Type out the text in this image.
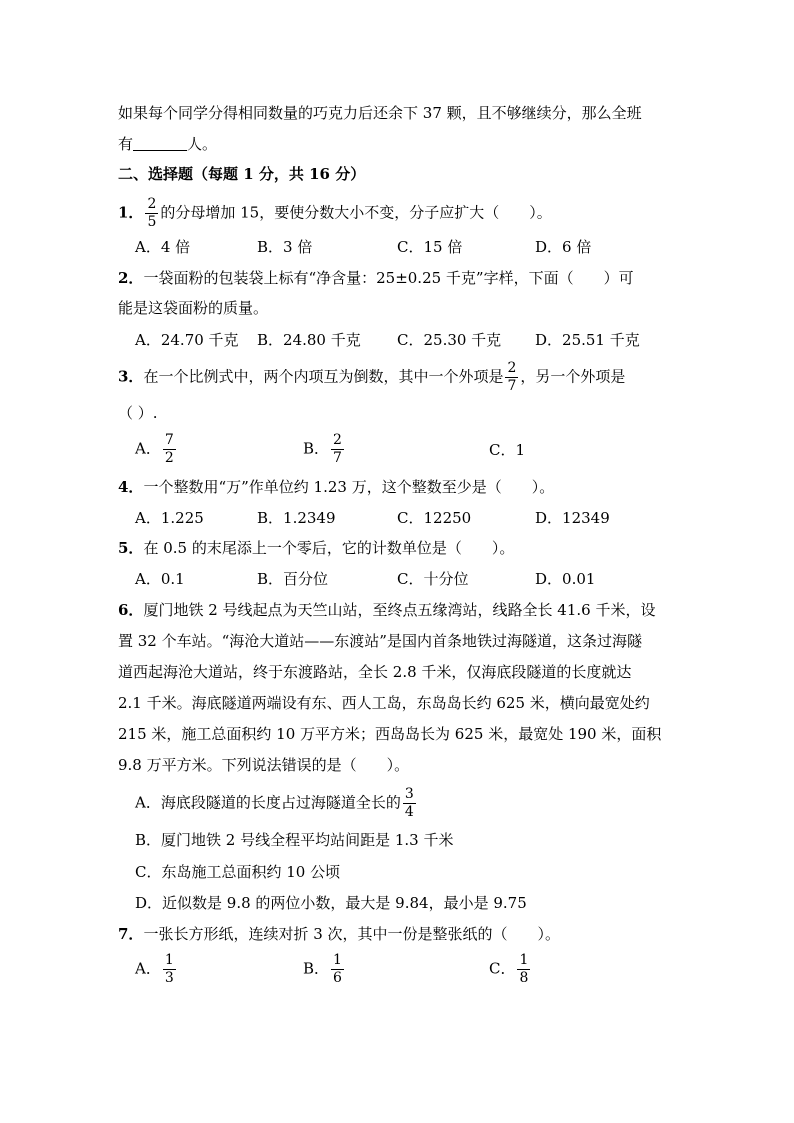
如果每个同学分得相同数量的巧克力后还余下 37 颗，且不够继续分，那么全班
有	人。
二、选择题（每题 1 分，共 16 分）
1． $\frac{2}{5}$ 的分母增加 15，要使分数大小不变，分子应扩大（　　）。
A．4 倍	B．3 倍	C．15 倍	D．6 倍
2．一袋面粉的包装袋上标有“净含量：25±0.25 千克”字样，下面（　　）可
能是这袋面粉的质量。
A．24.70 千克 B．24.80 千克 C．25.30 千克 D．25.51 千克
3．在一个比例式中，两个内项互为倒数，其中一个外项是 $\frac{2}{7}$ ，另一个外项是
（ ）.
A． $\frac{7}{2}$	B． $\frac{2}{7}$	C．1
4．一个整数用“万”作单位约 1.23 万，这个整数至少是（　　）。
A．1.225	B．1.2349	C．12250	D．12349
5．在 0.5 的末尾添上一个零后，它的计数单位是（　　）。
A．0.1	B．百分位	C．十分位	D．0.01
6．厦门地铁 2 号线起点为天竺山站，至终点五缘湾站，线路全长 41.6 千米，设
置 32 个车站。“海沧大道站——东渡站”是国内首条地铁过海隧道，这条过海隧
道西起海沧大道站，终于东渡路站，全长 2.8 千米，仅海底段隧道的长度就达
2.1 千米。海底隧道两端设有东、西人工岛，东岛岛长约 625 米，横向最宽处约
215 米，施工总面积约 10 万平方米；西岛岛长为 625 米，最宽处 190 米，面积
9.8 万平方米。下列说法错误的是（　　）。
A．海底段隧道的长度占过海隧道全长的 $\frac{3}{4}$
B．厦门地铁 2 号线全程平均站间距是 1.3 千米
C．东岛施工总面积约 10 公顷
D．近似数是 9.8 的两位小数，最大是 9.84，最小是 9.75
7．一张长方形纸，连续对折 3 次，其中一份是整张纸的（　　）。
A． $\frac{1}{3}$	B． $\frac{1}{6}$	C． $\frac{1}{8}$
